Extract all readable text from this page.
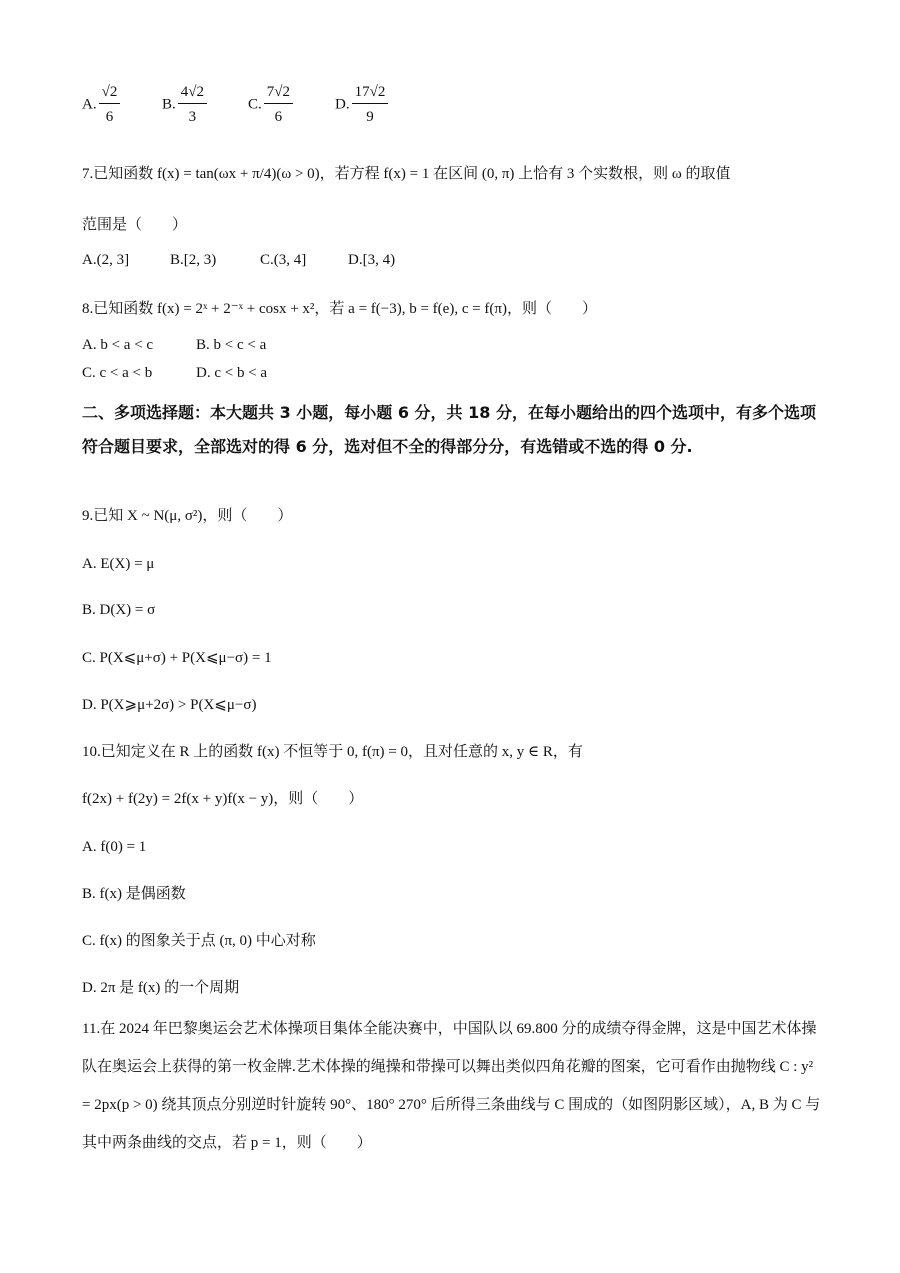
A. $\frac{√2}{6}$	B. $\frac{4√2}{3}$	C. $\frac{7√2}{6}$	D. $\frac{17√2}{9}$
7.已知函数 f(x) = tan(ωx + π/4)(ω > 0)，若方程 f(x) = 1 在区间 (0, π) 上恰有 3 个实数根，则 ω 的取值
范围是（　　）
A.(2, 3]	B.[2, 3)	C.(3, 4]	D.[3, 4)
8.已知函数 f(x) = 2ˣ + 2⁻ˣ + cosx + x²，若 a = f(−3), b = f(e), c = f(π)，则（　　）
A. b < a < c	B. b < c < a
C. c < a < b	D. c < b < a
二、多项选择题：本大题共 3 小题，每小题 6 分，共 18 分，在每小题给出的四个选项中，有多个选项符合题目要求，全部选对的得 6 分，选对但不全的得部分分，有选错或不选的得 0 分.
9.已知 X ~ N(μ, σ²)，则（　　）
A. E(X) = μ
B. D(X) = σ
C. P(X⩽μ+σ) + P(X⩽μ−σ) = 1
D. P(X⩾μ+2σ) > P(X⩽μ−σ)
10.已知定义在 R 上的函数 f(x) 不恒等于 0, f(π) = 0，且对任意的 x, y ∈ R，有
f(2x) + f(2y) = 2f(x + y)f(x − y)，则（　　）
A. f(0) = 1
B. f(x) 是偶函数
C. f(x) 的图象关于点 (π, 0) 中心对称
D. 2π 是 f(x) 的一个周期
11.在 2024 年巴黎奥运会艺术体操项目集体全能决赛中，中国队以 69.800 分的成绩夺得金牌，这是中国艺术体操队在奥运会上获得的第一枚金牌.艺术体操的绳操和带操可以舞出类似四角花瓣的图案，它可看作由抛物线 C : y² = 2px(p > 0) 绕其顶点分别逆时针旋转 90°、180° 270° 后所得三条曲线与 C 围成的（如图阴影区域），A, B 为 C 与其中两条曲线的交点，若 p = 1，则（　　）
